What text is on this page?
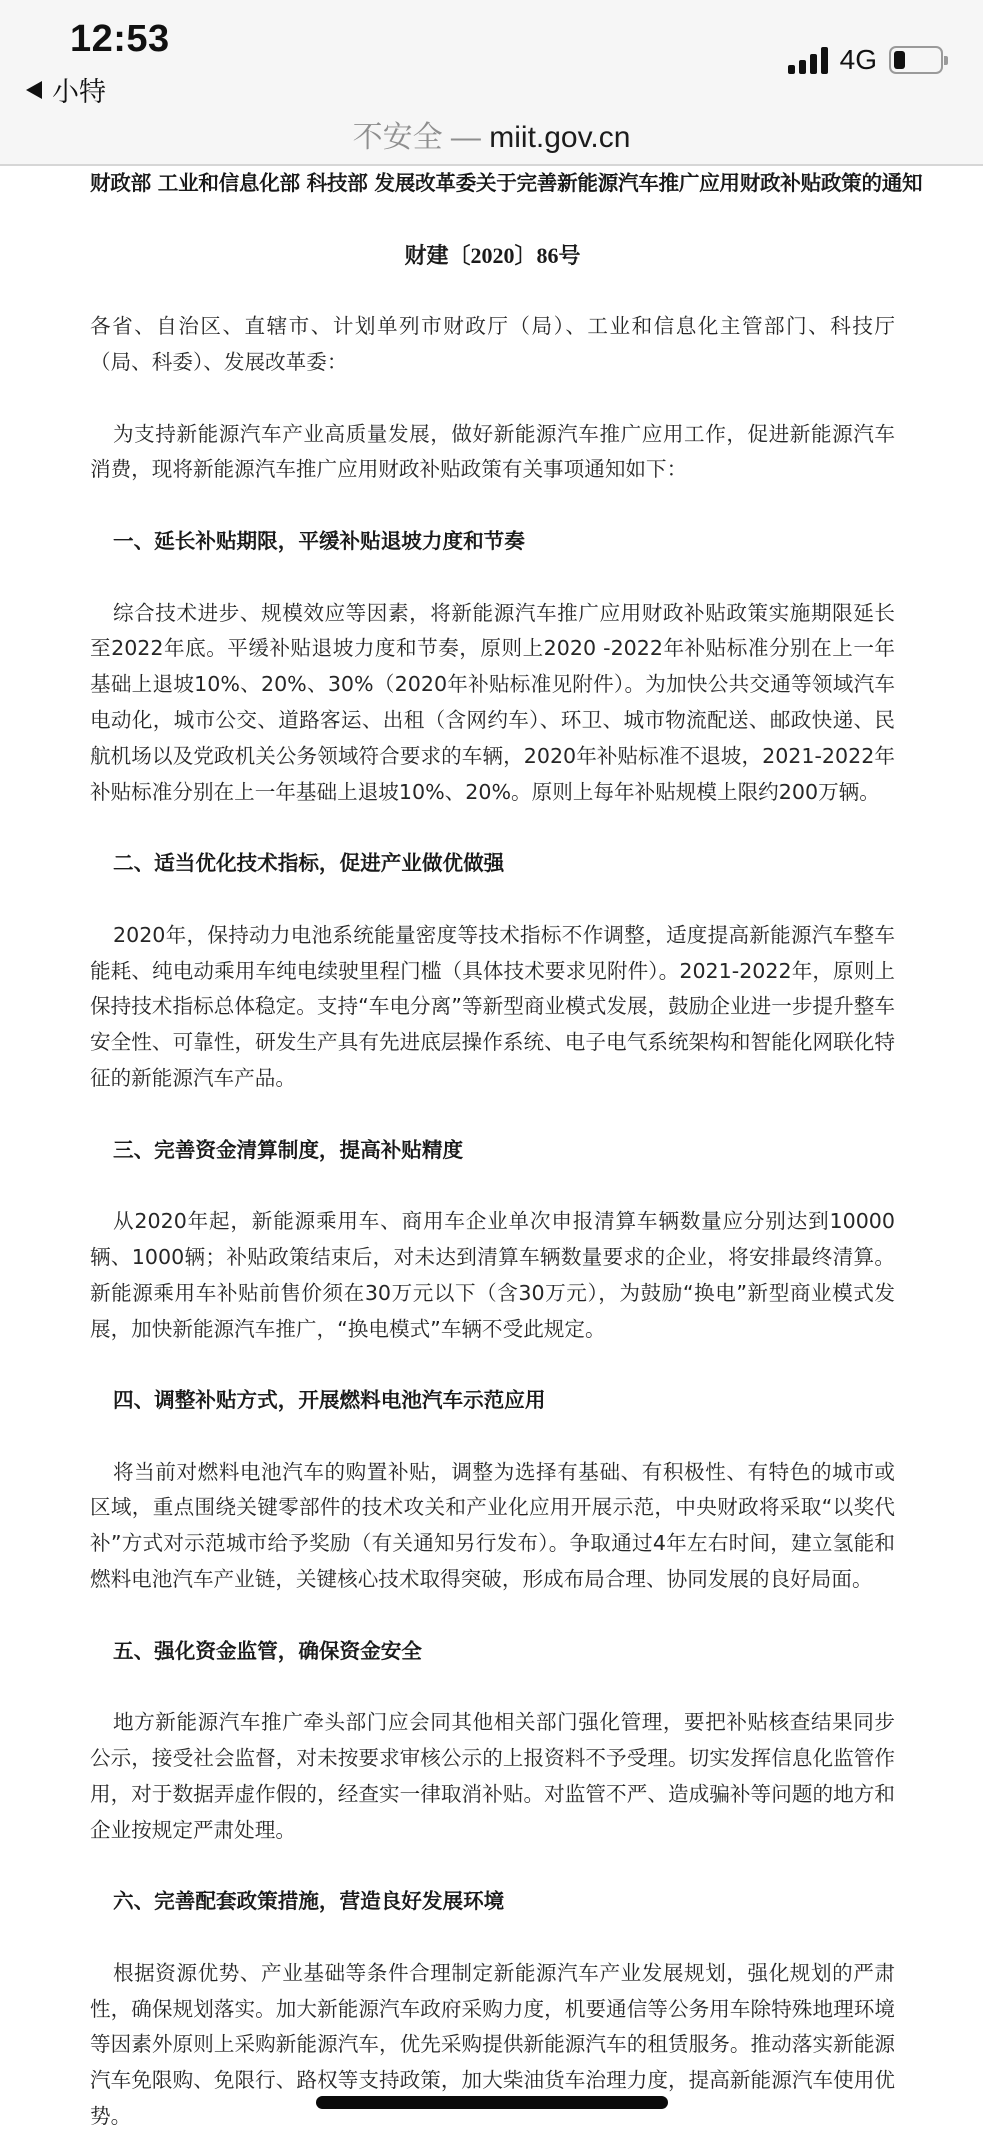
12:53
小特
4G
不安全 — miit.gov.cn
财政部 工业和信息化部 科技部 发展改革委关于完善新能源汽车推广应用财政补贴政策的通知
财建〔2020〕86号
各省、自治区、直辖市、计划单列市财政厅（局）、工业和信息化主管部门、科技厅（局、科委）、发展改革委：
为支持新能源汽车产业高质量发展，做好新能源汽车推广应用工作，促进新能源汽车消费，现将新能源汽车推广应用财政补贴政策有关事项通知如下：
一、延长补贴期限，平缓补贴退坡力度和节奏
综合技术进步、规模效应等因素，将新能源汽车推广应用财政补贴政策实施期限延长至2022年底。平缓补贴退坡力度和节奏，原则上2020 -2022年补贴标准分别在上一年基础上退坡10%、20%、30%（2020年补贴标准见附件）。为加快公共交通等领域汽车电动化，城市公交、道路客运、出租（含网约车）、环卫、城市物流配送、邮政快递、民航机场以及党政机关公务领域符合要求的车辆，2020年补贴标准不退坡，2021-2022年补贴标准分别在上一年基础上退坡10%、20%。原则上每年补贴规模上限约200万辆。
二、适当优化技术指标，促进产业做优做强
2020年，保持动力电池系统能量密度等技术指标不作调整，适度提高新能源汽车整车能耗、纯电动乘用车纯电续驶里程门槛（具体技术要求见附件）。2021-2022年，原则上保持技术指标总体稳定。支持“车电分离”等新型商业模式发展，鼓励企业进一步提升整车安全性、可靠性，研发生产具有先进底层操作系统、电子电气系统架构和智能化网联化特征的新能源汽车产品。
三、完善资金清算制度，提高补贴精度
从2020年起，新能源乘用车、商用车企业单次申报清算车辆数量应分别达到10000辆、1000辆；补贴政策结束后，对未达到清算车辆数量要求的企业，将安排最终清算。新能源乘用车补贴前售价须在30万元以下（含30万元），为鼓励“换电”新型商业模式发展，加快新能源汽车推广，“换电模式”车辆不受此规定。
四、调整补贴方式，开展燃料电池汽车示范应用
将当前对燃料电池汽车的购置补贴，调整为选择有基础、有积极性、有特色的城市或区域，重点围绕关键零部件的技术攻关和产业化应用开展示范，中央财政将采取“以奖代补”方式对示范城市给予奖励（有关通知另行发布）。争取通过4年左右时间，建立氢能和燃料电池汽车产业链，关键核心技术取得突破，形成布局合理、协同发展的良好局面。
五、强化资金监管，确保资金安全
地方新能源汽车推广牵头部门应会同其他相关部门强化管理，要把补贴核查结果同步公示，接受社会监督，对未按要求审核公示的上报资料不予受理。切实发挥信息化监管作用，对于数据弄虚作假的，经查实一律取消补贴。对监管不严、造成骗补等问题的地方和企业按规定严肃处理。
六、完善配套政策措施，营造良好发展环境
根据资源优势、产业基础等条件合理制定新能源汽车产业发展规划，强化规划的严肃性，确保规划落实。加大新能源汽车政府采购力度，机要通信等公务用车除特殊地理环境等因素外原则上采购新能源汽车，优先采购提供新能源汽车的租赁服务。推动落实新能源汽车免限购、免限行、路权等支持政策，加大柴油货车治理力度，提高新能源汽车使用优势。
